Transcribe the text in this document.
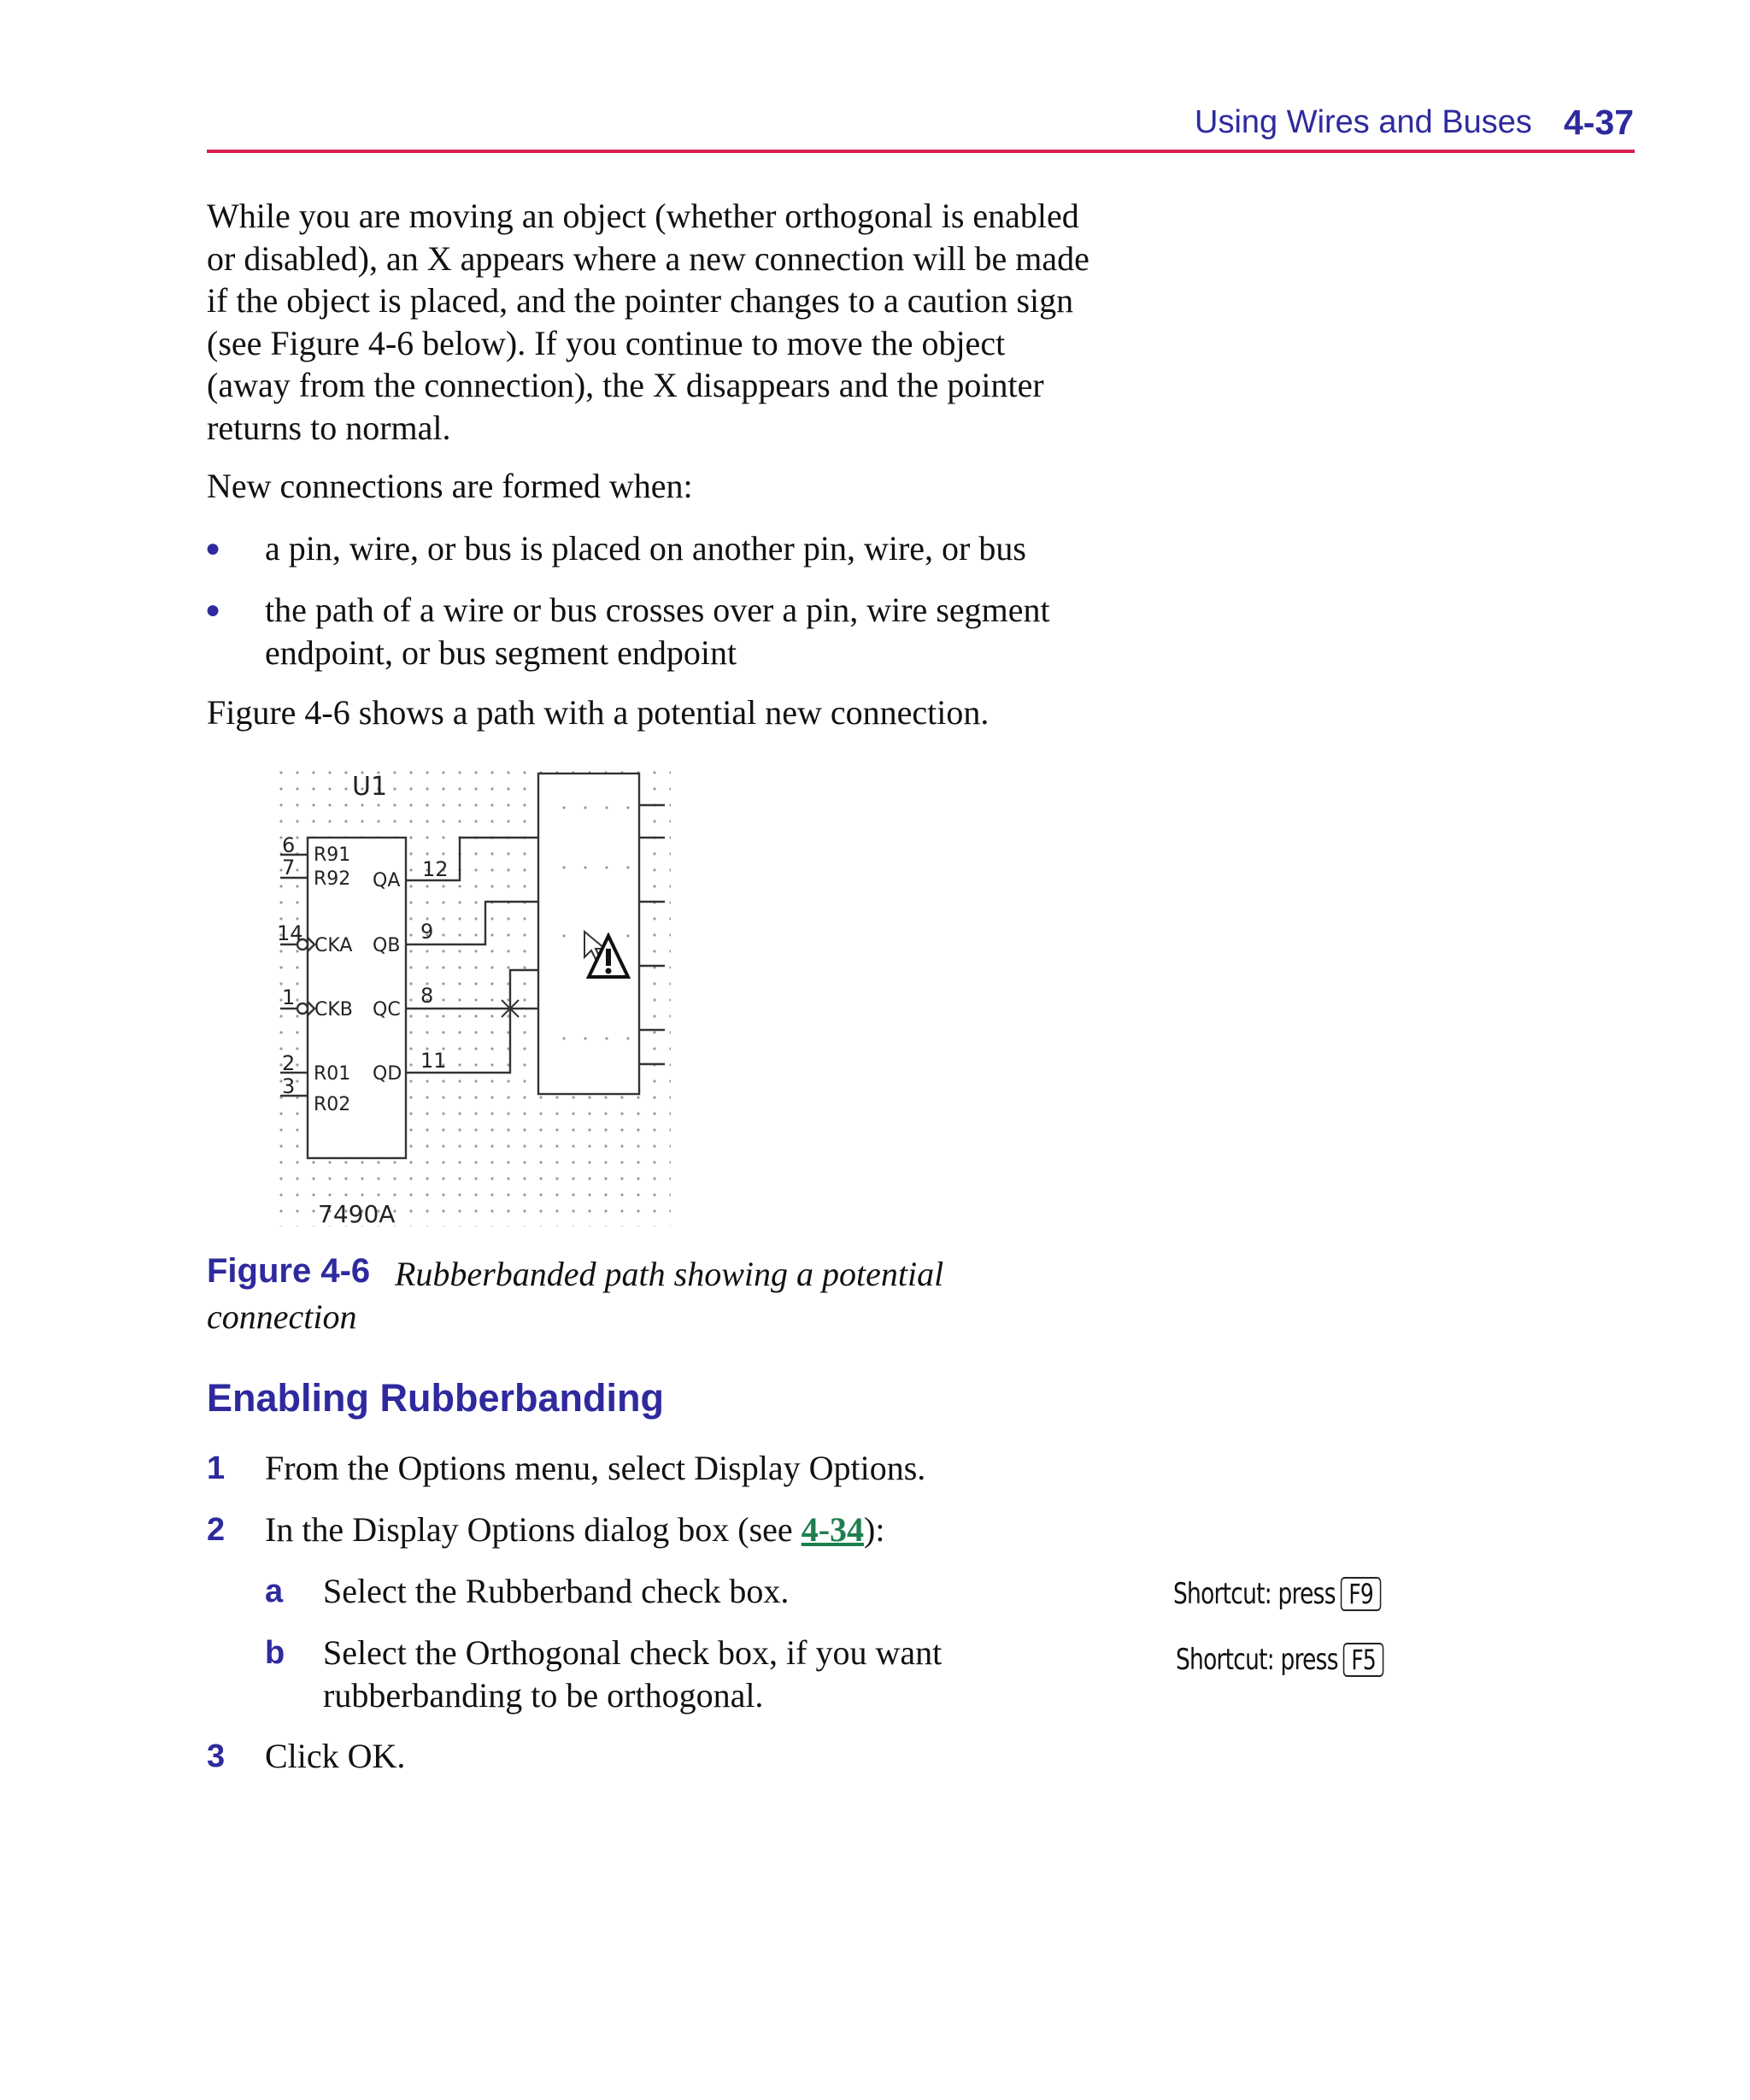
Using Wires and Buses 4-37
While you are moving an object (whether orthogonal is enabled
or disabled), an X appears where a new connection will be made
if the object is placed, and the pointer changes to a caution sign
(see Figure 4-6 below). If you continue to move the object
(away from the connection), the X disappears and the pointer
returns to normal.
New connections are formed when:
● a pin, wire, or bus is placed on another pin, wire, or bus
● the path of a wire or bus crosses over a pin, wire segment
endpoint, or bus segment endpoint
Figure 4-6 shows a path with a potential new connection.
U1
6
7
14
1
2
3
R91
R92 QA
CKA QB
CKB QC
R01 QD
R02
12
9
8
11
7490A
Rubberbanded path showing a potential connection
Figure 4-6
Enabling Rubberbanding
1 From the Options menu, select Display Options.
2 In the Display Options dialog box (see 4-34):
a Select the Rubberband check box.
b Select the Orthogonal check box, if you want
rubberbanding to be orthogonal.
3 Click OK.
Shortcut: press F9
Shortcut: press F5
